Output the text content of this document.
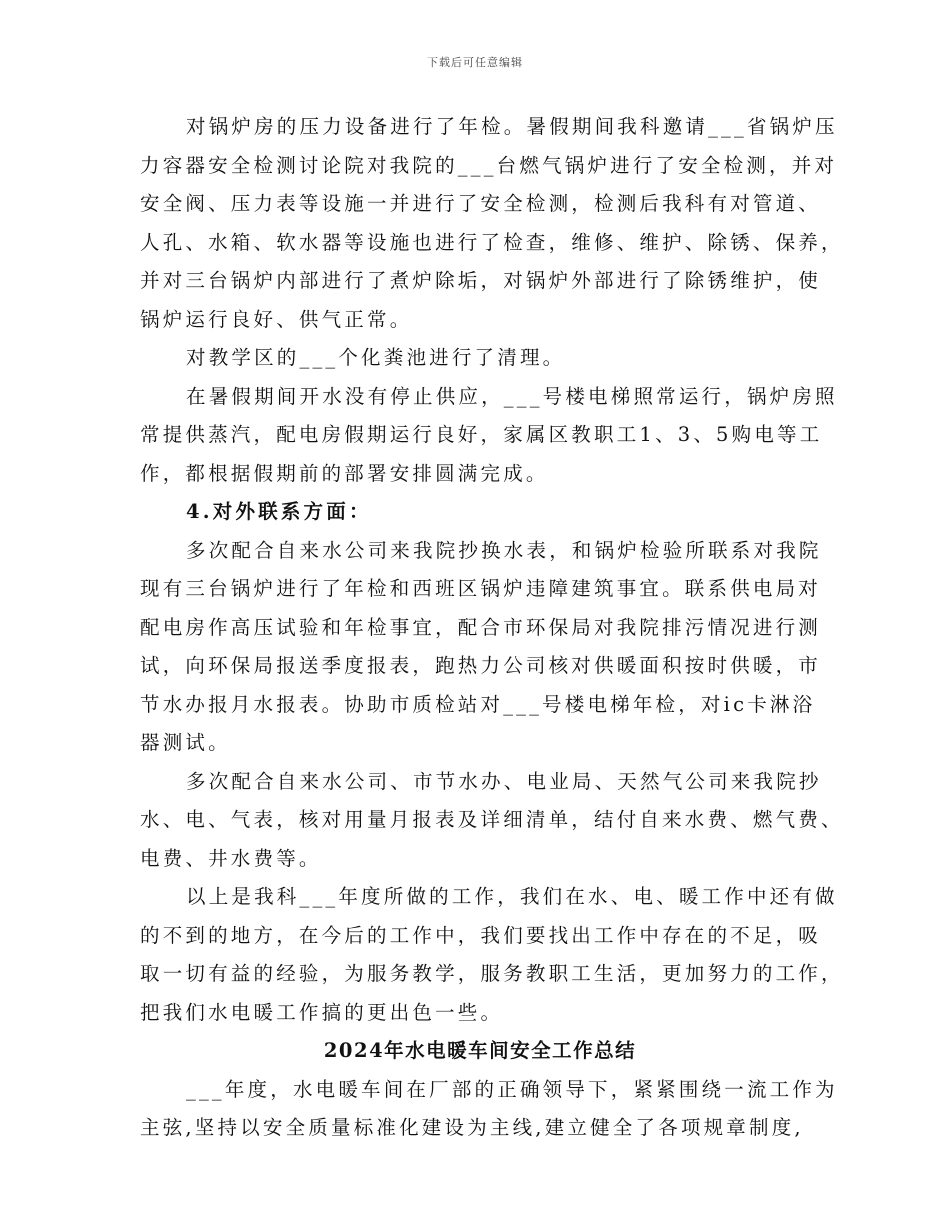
下载后可任意编辑
对锅炉房的压力设备进行了年检。暑假期间我科邀请___省锅炉压
力容器安全检测讨论院对我院的___台燃气锅炉进行了安全检测，并对
安全阀、压力表等设施一并进行了安全检测，检测后我科有对管道、
人孔、水箱、软水器等设施也进行了检查，维修、维护、除锈、保养，
并对三台锅炉内部进行了煮炉除垢，对锅炉外部进行了除锈维护，使
锅炉运行良好、供气正常。
对教学区的___个化粪池进行了清理。
在暑假期间开水没有停止供应，___号楼电梯照常运行，锅炉房照
常提供蒸汽，配电房假期运行良好，家属区教职工1、3、5购电等工
作，都根据假期前的部署安排圆满完成。
4.对外联系方面：
多次配合自来水公司来我院抄换水表，和锅炉检验所联系对我院
现有三台锅炉进行了年检和西班区锅炉违障建筑事宜。联系供电局对
配电房作高压试验和年检事宜，配合市环保局对我院排污情况进行测
试，向环保局报送季度报表，跑热力公司核对供暖面积按时供暖，市
节水办报月水报表。协助市质检站对___号楼电梯年检，对ic卡淋浴
器测试。
多次配合自来水公司、市节水办、电业局、天然气公司来我院抄
水、电、气表，核对用量月报表及详细清单，结付自来水费、燃气费、
电费、井水费等。
以上是我科___年度所做的工作，我们在水、电、暖工作中还有做
的不到的地方，在今后的工作中，我们要找出工作中存在的不足，吸
取一切有益的经验，为服务教学，服务教职工生活，更加努力的工作，
把我们水电暖工作搞的更出色一些。
2024年水电暖车间安全工作总结
___年度，水电暖车间在厂部的正确领导下，紧紧围绕一流工作为
主弦,坚持以安全质量标准化建设为主线,建立健全了各项规章制度,
